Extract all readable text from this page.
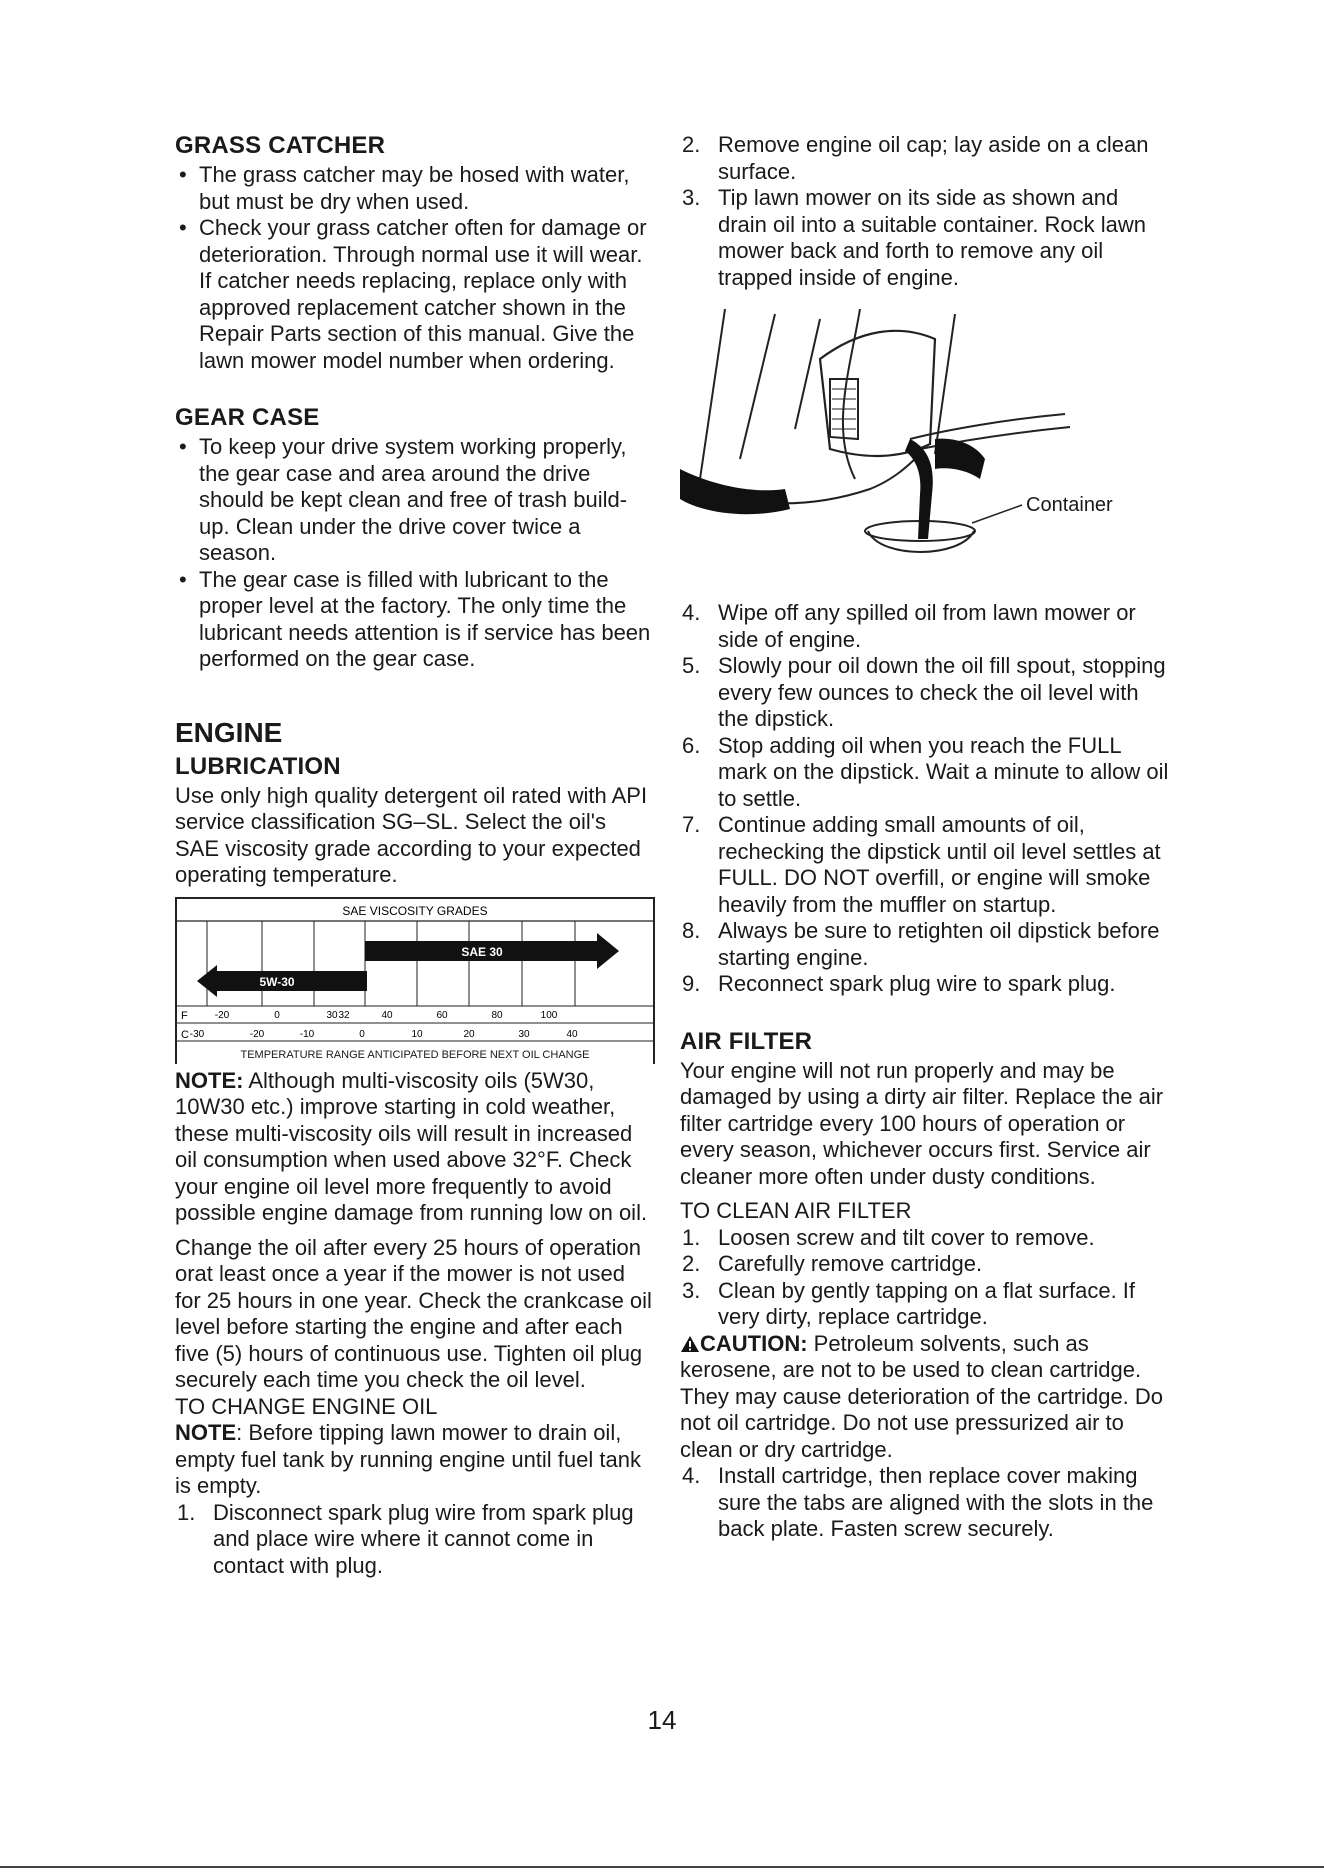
GRASS CATCHER
• The grass catcher may be hosed with water, but must be dry when used.
• Check your grass catcher often for damage or deterioration. Through normal use it will wear. If catcher needs replacing, replace only with approved replacement catcher shown in the Repair Parts section of this manual. Give the lawn mower model number when ordering.
GEAR CASE
• To keep your drive system working properly, the gear case and area around the drive should be kept clean and free of trash build-up. Clean under the drive cover twice a season.
• The gear case is filled with lubricant to the proper level at the factory. The only time the lubricant needs attention is if service has been performed on the gear case.
ENGINE
LUBRICATION

Use only high quality detergent oil rated with API service classification SG–SL. Select the oil's SAE viscosity grade according to your expected operating temperature.

SAE VISCOSITY GRADES
5W-30
SAE 30
F	-20	0	30 32	40	60	80	100
C -30	-20	-10	0	10	20	30	40
TEMPERATURE RANGE ANTICIPATED BEFORE NEXT OIL CHANGE

NOTE: Although multi-viscosity oils (5W30, 10W30 etc.) improve starting in cold weather, these multi-viscosity oils will result in increased oil consumption when used above 32°F. Check your engine oil level more frequently to avoid possible engine damage from running low on oil.

Change the oil after every 25 hours of operation orat least once a year if the mower is not used for 25 hours in one year. Check the crankcase oil level before starting the engine and after each five (5) hours of continuous use. Tighten oil plug securely each time you check the oil level.

TO CHANGE ENGINE OIL

NOTE: Before tipping lawn mower to drain oil, empty fuel tank by running engine until fuel tank is empty.

1. Disconnect spark plug wire from spark plug and place wire where it cannot come in contact with plug.
2. Remove engine oil cap; lay aside on a clean surface.
3. Tip lawn mower on its side as shown and drain oil into a suitable container. Rock lawn mower back and forth to remove any oil trapped inside of engine.
Container
4. Wipe off any spilled oil from lawn mower or side of engine.
5. Slowly pour oil down the oil fill spout, stopping every few ounces to check the oil level with the dipstick.
6. Stop adding oil when you reach the FULL mark on the dipstick. Wait a minute to allow oil to settle.
7. Continue adding small amounts of oil, rechecking the dipstick until oil level settles at FULL. DO NOT overfill, or engine will smoke heavily from the muffler on startup.
8. Always be sure to retighten oil dipstick before starting engine.
9. Reconnect spark plug wire to spark plug.
AIR FILTER

Your engine will not run properly and may be damaged by using a dirty air filter. Replace the air filter cartridge every 100 hours of operation or every season, whichever occurs first. Service air cleaner more often under dusty conditions.

TO CLEAN AIR FILTER
1. Loosen screw and tilt cover to remove.
2. Carefully remove cartridge.
3. Clean by gently tapping on a flat surface. If very dirty, replace cartridge.

CAUTION: Petroleum solvents, such as kerosene, are not to be used to clean cartridge. They may cause deterioration of the cartridge. Do not oil cartridge. Do not use pressurized air to clean or dry cartridge.

4. Install cartridge, then replace cover making sure the tabs are aligned with the slots in the back plate. Fasten screw securely.
14
